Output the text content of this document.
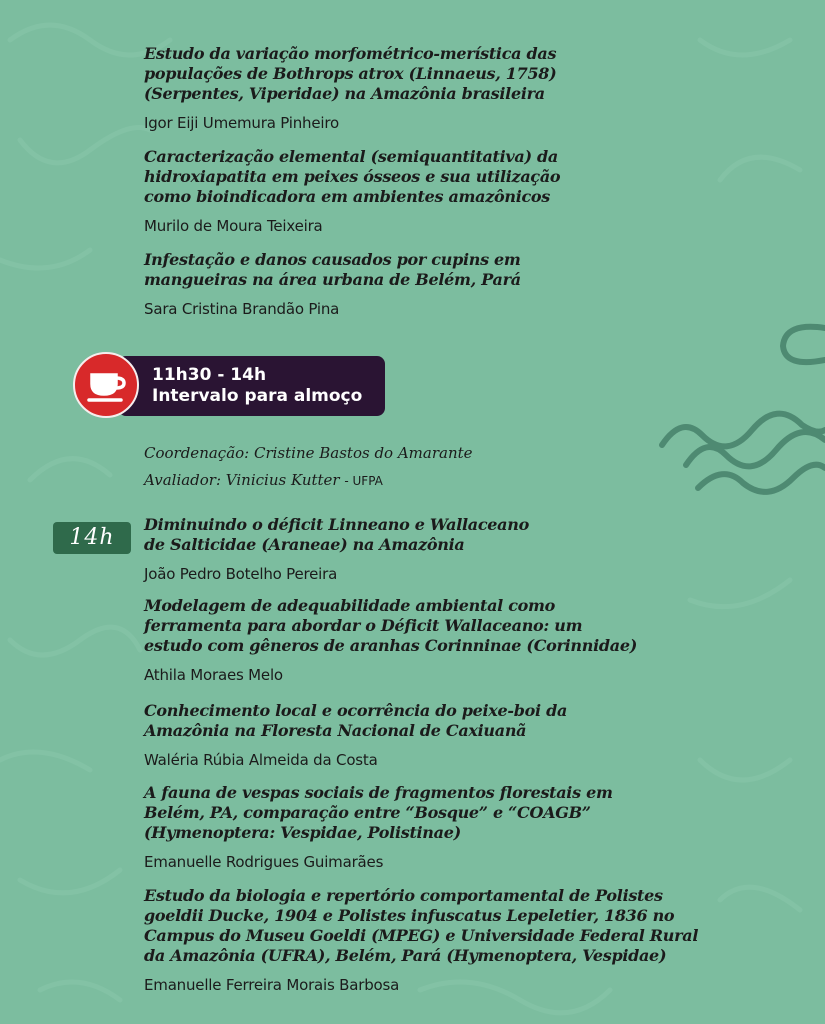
Estudo da variação morfométrico-merística das
populações de Bothrops atrox (Linnaeus, 1758)
(Serpentes, Viperidae) na Amazônia brasileira

Igor Eiji Umemura Pinheiro

Caracterização elemental (semiquantitativa) da
hidroxiapatita em peixes ósseos e sua utilização
como bioindicadora em ambientes amazônicos

Murilo de Moura Teixeira

Infestação e danos causados por cupins em
mangueiras na área urbana de Belém, Pará

Sara Cristina Brandão Pina
11h30 - 14h
Intervalo para almoço
Coordenação: Cristine Bastos do Amarante
Avaliador: Vinicius Kutter - UFPA
14h

Diminuindo o déficit Linneano e Wallaceano
de Salticidae (Araneae) na Amazônia

João Pedro Botelho Pereira

Modelagem de adequabilidade ambiental como
ferramenta para abordar o Déficit Wallaceano: um
estudo com gêneros de aranhas Corinninae (Corinnidae)

Athila Moraes Melo

Conhecimento local e ocorrência do peixe-boi da
Amazônia na Floresta Nacional de Caxiuanã

Waléria Rúbia Almeida da Costa

A fauna de vespas sociais de fragmentos florestais em
Belém, PA, comparação entre “Bosque” e “COAGB”
(Hymenoptera: Vespidae, Polistinae)

Emanuelle Rodrigues Guimarães

Estudo da biologia e repertório comportamental de Polistes
goeldii Ducke, 1904 e Polistes infuscatus Lepeletier, 1836 no
Campus do Museu Goeldi (MPEG) e Universidade Federal Rural
da Amazônia (UFRA), Belém, Pará (Hymenoptera, Vespidae)

Emanuelle Ferreira Morais Barbosa
